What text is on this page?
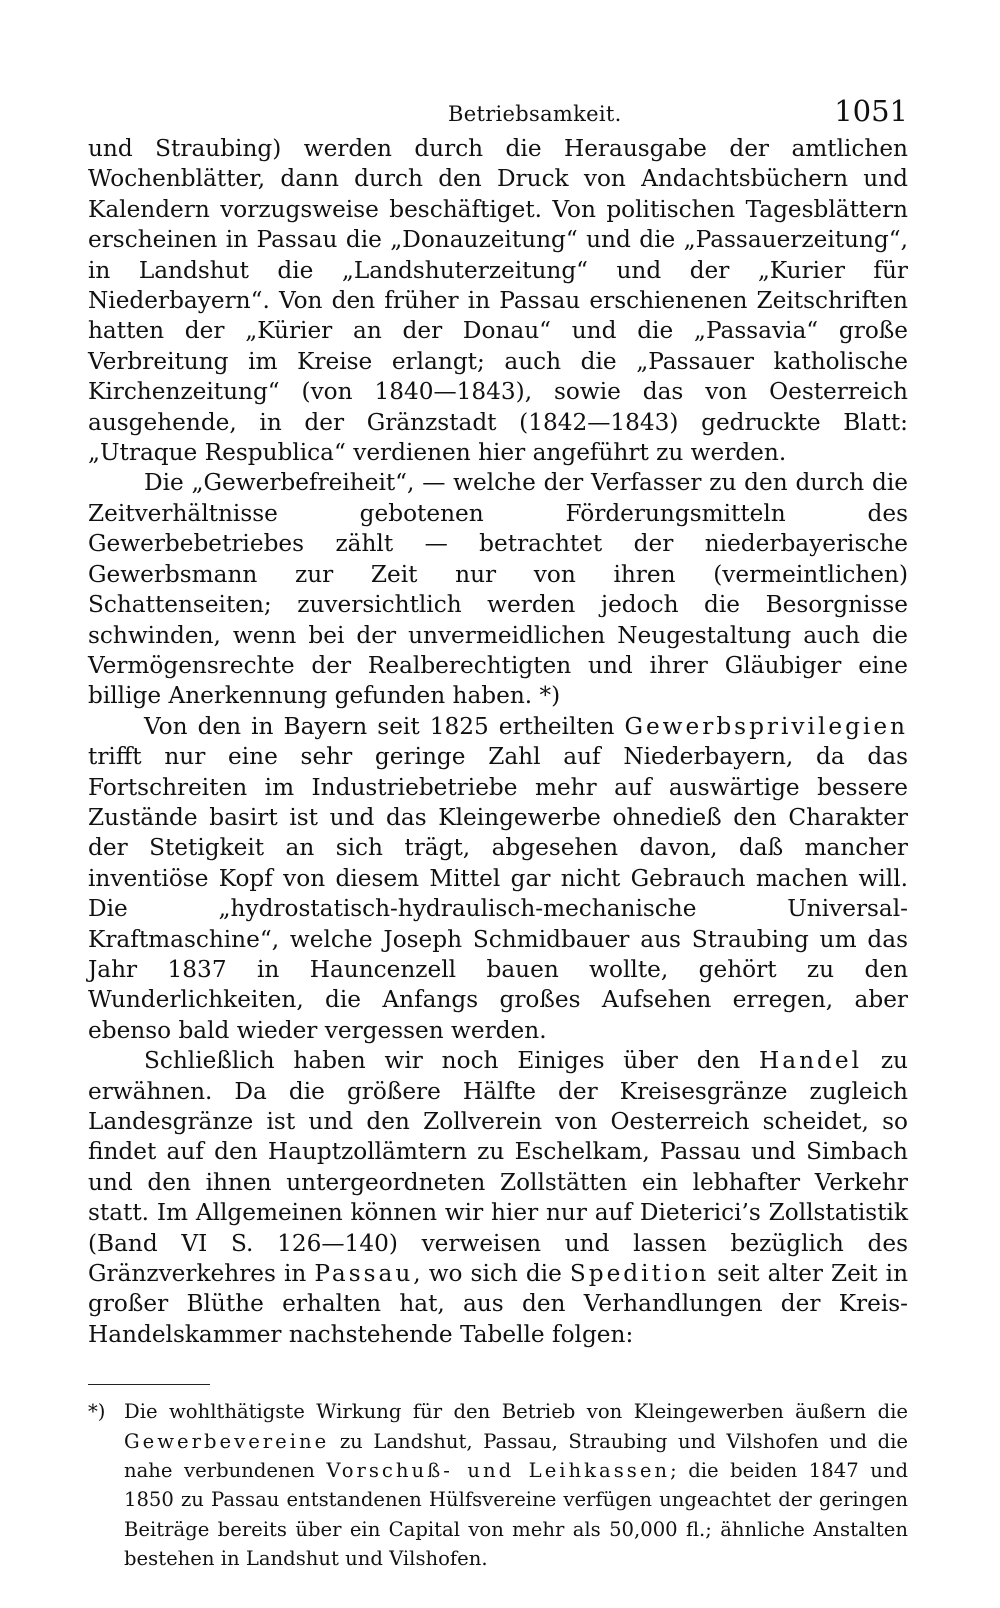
Betriebsamkeit.	1051

und Straubing) werden durch die Herausgabe der amtlichen Wochenblätter, dann durch den Druck von Andachtsbüchern und Kalendern vorzugsweise beschäftiget. Von politischen Tagesblättern erscheinen in Passau die „Donauzeitung“ und die „Passauerzeitung“, in Landshut die „Landshuterzeitung“ und der „Kurier für Niederbayern“. Von den früher in Passau erschienenen Zeitschriften hatten der „Kürier an der Donau“ und die „Passavia“ große Verbreitung im Kreise erlangt; auch die „Passauer katholische Kirchenzeitung“ (von 1840—1843), sowie das von Oesterreich ausgehende, in der Gränzstadt (1842—1843) gedruckte Blatt: „Utraque Respublica“ verdienen hier angeführt zu werden.

Die „Gewerbefreiheit“, — welche der Verfasser zu den durch die Zeitverhältnisse gebotenen Förderungsmitteln des Gewerbebetriebes zählt — betrachtet der niederbayerische Gewerbsmann zur Zeit nur von ihren (vermeintlichen) Schattenseiten; zuversichtlich werden jedoch die Besorgnisse schwinden, wenn bei der unvermeidlichen Neugestaltung auch die Vermögensrechte der Realberechtigten und ihrer Gläubiger eine billige Anerkennung gefunden haben. *)

Von den in Bayern seit 1825 ertheilten Gewerbsprivilegien trifft nur eine sehr geringe Zahl auf Niederbayern, da das Fortschreiten im Industriebetriebe mehr auf auswärtige bessere Zustände basirt ist und das Kleingewerbe ohnedieß den Charakter der Stetigkeit an sich trägt, abgesehen davon, daß mancher inventiöse Kopf von diesem Mittel gar nicht Gebrauch machen will. Die „hydrostatisch-hydraulisch-mechanische Universal-Kraftmaschine“, welche Joseph Schmidbauer aus Straubing um das Jahr 1837 in Hauncenzell bauen wollte, gehört zu den Wunderlichkeiten, die Anfangs großes Aufsehen erregen, aber ebenso bald wieder vergessen werden.

Schließlich haben wir noch Einiges über den Handel zu erwähnen. Da die größere Hälfte der Kreisesgränze zugleich Landesgränze ist und den Zollverein von Oesterreich scheidet, so findet auf den Hauptzollämtern zu Eschelkam, Passau und Simbach und den ihnen untergeordneten Zollstätten ein lebhafter Verkehr statt. Im Allgemeinen können wir hier nur auf Dieterici’s Zollstatistik (Band VI S. 126—140) verweisen und lassen bezüglich des Gränzverkehres in Passau, wo sich die Spedition seit alter Zeit in großer Blüthe erhalten hat, aus den Verhandlungen der Kreis-Handelskammer nachstehende Tabelle folgen:

*) Die wohlthätigste Wirkung für den Betrieb von Kleingewerben äußern die Gewerbevereine zu Landshut, Passau, Straubing und Vilshofen und die nahe verbundenen Vorschuß- und Leihkassen; die beiden 1847 und 1850 zu Passau entstandenen Hülfsvereine verfügen ungeachtet der geringen Beiträge bereits über ein Capital von mehr als 50,000 fl.; ähnliche Anstalten bestehen in Landshut und Vilshofen.
